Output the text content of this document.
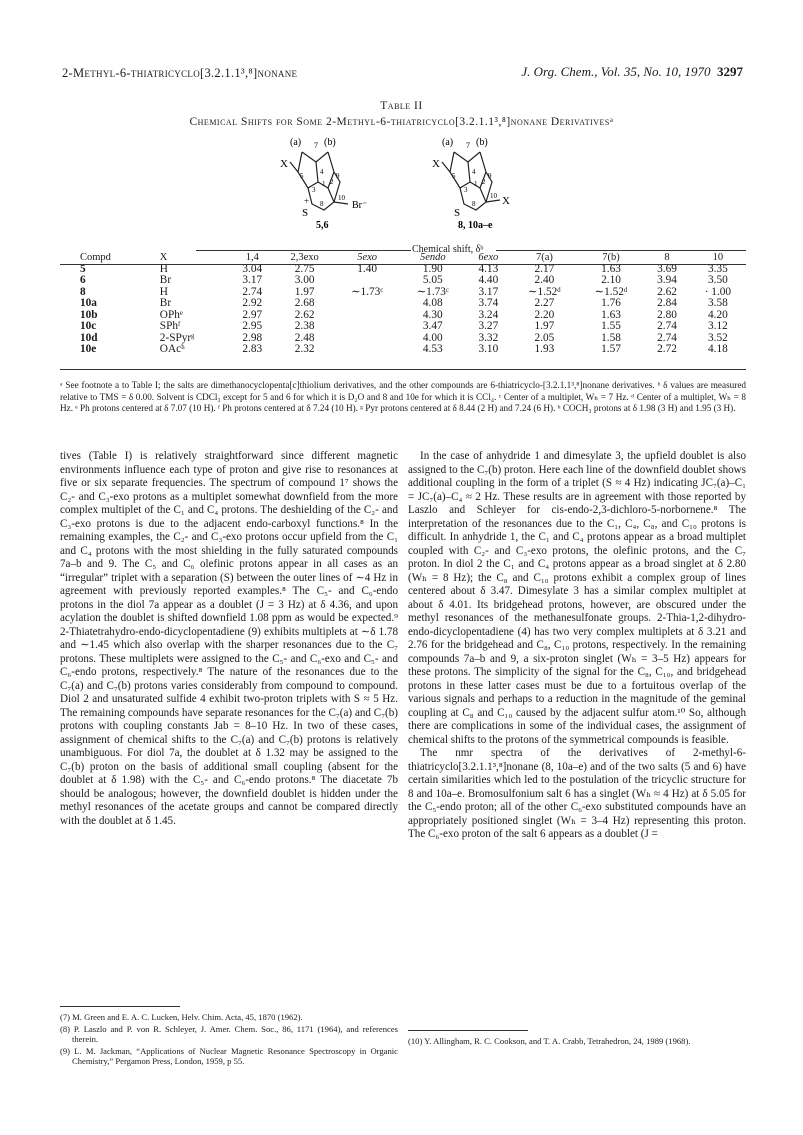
2-Methyl-6-thiatricyclo[3.2.1.1³,⁸]nonane	J. Org. Chem., Vol. 35, No. 10, 1970 3297
Table II
Chemical Shifts for Some 2-Methyl-6-thiatricyclo[3.2.1.1³,⁸]nonane Derivativesᵃ
(a) 7 (b)
X
4
1 2
5
3
9
8
10
+
S
Br⁻
5,6
(a) 7 (b)
X
4
1 2
5
3
9
8
10 X
S
8, 10a–e
Chemical shift, δᵇ
Compd	X	1,4	2,3exo	5exo	5endo	6exo	7(a)	7(b)	8	10
5	H	3.04	2.75	1.40	1.90	4.13	2.17	1.63	3.69	3.35
6	Br	3.17	3.00		5.05	4.40	2.40	2.10	3.94	3.50
8	H	2.74	1.97	∼1.73ᶜ	∼1.73ᶜ	3.17	∼1.52ᵈ	∼1.52ᵈ	2.62	· 1.00
10a	Br	2.92	2.68		4.08	3.74	2.27	1.76	2.84	3.58
10b	OPhᵉ	2.97	2.62		4.30	3.24	2.20	1.63	2.80	4.20
10c	SPhᶠ	2.95	2.38		3.47	3.27	1.97	1.55	2.74	3.12
10d	2-SPyrᵍ	2.98	2.48		4.00	3.32	2.05	1.58	2.74	3.52
10e	OAcʰ	2.83	2.32		4.53	3.10	1.93	1.57	2.72	4.18
ᵃ See footnote a to Table I; the salts are dimethanocyclopenta[c]thiolium derivatives, and the other compounds are 6-thiatricyclo-[3.2.1.1³,⁸]nonane derivatives. ᵇ δ values are measured relative to TMS = δ 0.00. Solvent is CDCl₃ except for 5 and 6 for which it is D₂O and 8 and 10e for which it is CCl₄. ᶜ Center of a multiplet, Wₕ = 7 Hz. ᵈ Center of a multiplet, Wₕ = 8 Hz. ᵉ Ph protons centered at δ 7.07 (10 H). ᶠ Ph protons centered at δ 7.24 (10 H). ᵍ Pyr protons centered at δ 8.44 (2 H) and 7.24 (6 H). ʰ COCH₃ protons at δ 1.98 (3 H) and 1.95 (3 H).

tives (Table I) is relatively straightforward since different magnetic environments influence each type of proton and give rise to resonances at five or six separate frequencies. The spectrum of compound 1⁷ shows the C₂- and C₃-exo protons as a multiplet somewhat downfield from the more complex multiplet of the C₁ and C₄ protons. The deshielding of the C₂- and C₃-exo protons is due to the adjacent endo-carboxyl functions.⁸ In the remaining examples, the C₂- and C₃-exo protons occur upfield from the C₁ and C₄ protons with the most shielding in the fully saturated compounds 7a–b and 9. The C₅ and C₆ olefinic protons appear in all cases as an “irregular” triplet with a separation (S) between the outer lines of ∼4 Hz in agreement with previously reported examples.⁸ The C₅- and C₆-endo protons in the diol 7a appear as a doublet (J = 3 Hz) at δ 4.36, and upon acylation the doublet is shifted downfield 1.08 ppm as would be expected.⁹ 2-Thiatetrahydro-endo-dicyclopentadiene (9) exhibits multiplets at ∼δ 1.78 and ∼1.45 which also overlap with the sharper resonances due to the C₇ protons. These multiplets were assigned to the C₅- and C₆-exo and C₅- and C₆-endo protons, respectively.⁸ The nature of the resonances due to the C₇(a) and C₇(b) protons varies considerably from compound to compound. Diol 2 and unsaturated sulfide 4 exhibit two-proton triplets with S ≈ 5 Hz. The remaining compounds have separate resonances for the C₇(a) and C₇(b) protons with coupling constants Jab = 8–10 Hz. In two of these cases, assignment of chemical shifts to the C₇(a) and C₇(b) protons is relatively unambiguous. For diol 7a, the doublet at δ 1.32 may be assigned to the C₇(b) proton on the basis of additional small coupling (absent for the doublet at δ 1.98) with the C₅- and C₆-endo protons.⁸ The diacetate 7b should be analogous; however, the downfield doublet is hidden under the methyl resonances of the acetate groups and cannot be compared directly with the doublet at δ 1.45.

In the case of anhydride 1 and dimesylate 3, the upfield doublet is also assigned to the C₇(b) proton. Here each line of the downfield doublet shows additional coupling in the form of a triplet (S ≈ 4 Hz) indicating JC₇(a)–C₁ = JC₇(a)–C₄ ≈ 2 Hz. These results are in agreement with those reported by Laszlo and Schleyer for cis-endo-2,3-dichloro-5-norbornene.⁸ The interpretation of the resonances due to the C₁, C₄, C₈, and C₁₀ protons is difficult. In anhydride 1, the C₁ and C₄ protons appear as a broad multiplet coupled with C₂- and C₃-exo protons, the olefinic protons, and the C₇ proton. In diol 2 the C₁ and C₄ protons appear as a broad singlet at δ 2.80 (Wₕ = 8 Hz); the C₈ and C₁₀ protons exhibit a complex group of lines centered about δ 3.47. Dimesylate 3 has a similar complex multiplet at about δ 4.01. Its bridgehead protons, however, are obscured under the methyl resonances of the methanesulfonate groups. 2-Thia-1,2-dihydro-endo-dicyclopentadiene (4) has two very complex multiplets at δ 3.21 and 2.76 for the bridgehead and C₈, C₁₀ protons, respectively. In the remaining compounds 7a–b and 9, a six-proton singlet (Wₕ = 3–5 Hz) appears for these protons. The simplicity of the signal for the C₈, C₁₀, and bridgehead protons in these latter cases must be due to a fortuitous overlap of the various signals and perhaps to a reduction in the magnitude of the geminal coupling at C₈ and C₁₀ caused by the adjacent sulfur atom.¹⁰ So, although there are complications in some of the individual cases, the assignment of chemical shifts to the protons of the symmetrical compounds is feasible.

The nmr spectra of the derivatives of 2-methyl-6-thiatricyclo[3.2.1.1³,⁸]nonane (8, 10a–e) and of the two salts (5 and 6) have certain similarities which led to the postulation of the tricyclic structure for 8 and 10a–e. Bromosulfonium salt 6 has a singlet (Wₕ ≈ 4 Hz) at δ 5.05 for the C₅-endo proton; all of the other C₆-exo substituted compounds have an appropriately positioned singlet (Wₕ = 3–4 Hz) representing this proton. The C₆-exo proton of the salt 6 appears as a doublet (J =

(7) M. Green and E. A. C. Lucken, Helv. Chim. Acta, 45, 1870 (1962).

(8) P. Laszlo and P. von R. Schleyer, J. Amer. Chem. Soc., 86, 1171 (1964), and references therein.

(9) L. M. Jackman, “Applications of Nuclear Magnetic Resonance Spectroscopy in Organic Chemistry,” Pergamon Press, London, 1959, p 55.

(10) Y. Allingham, R. C. Cookson, and T. A. Crabb, Tetrahedron, 24, 1989 (1968).
